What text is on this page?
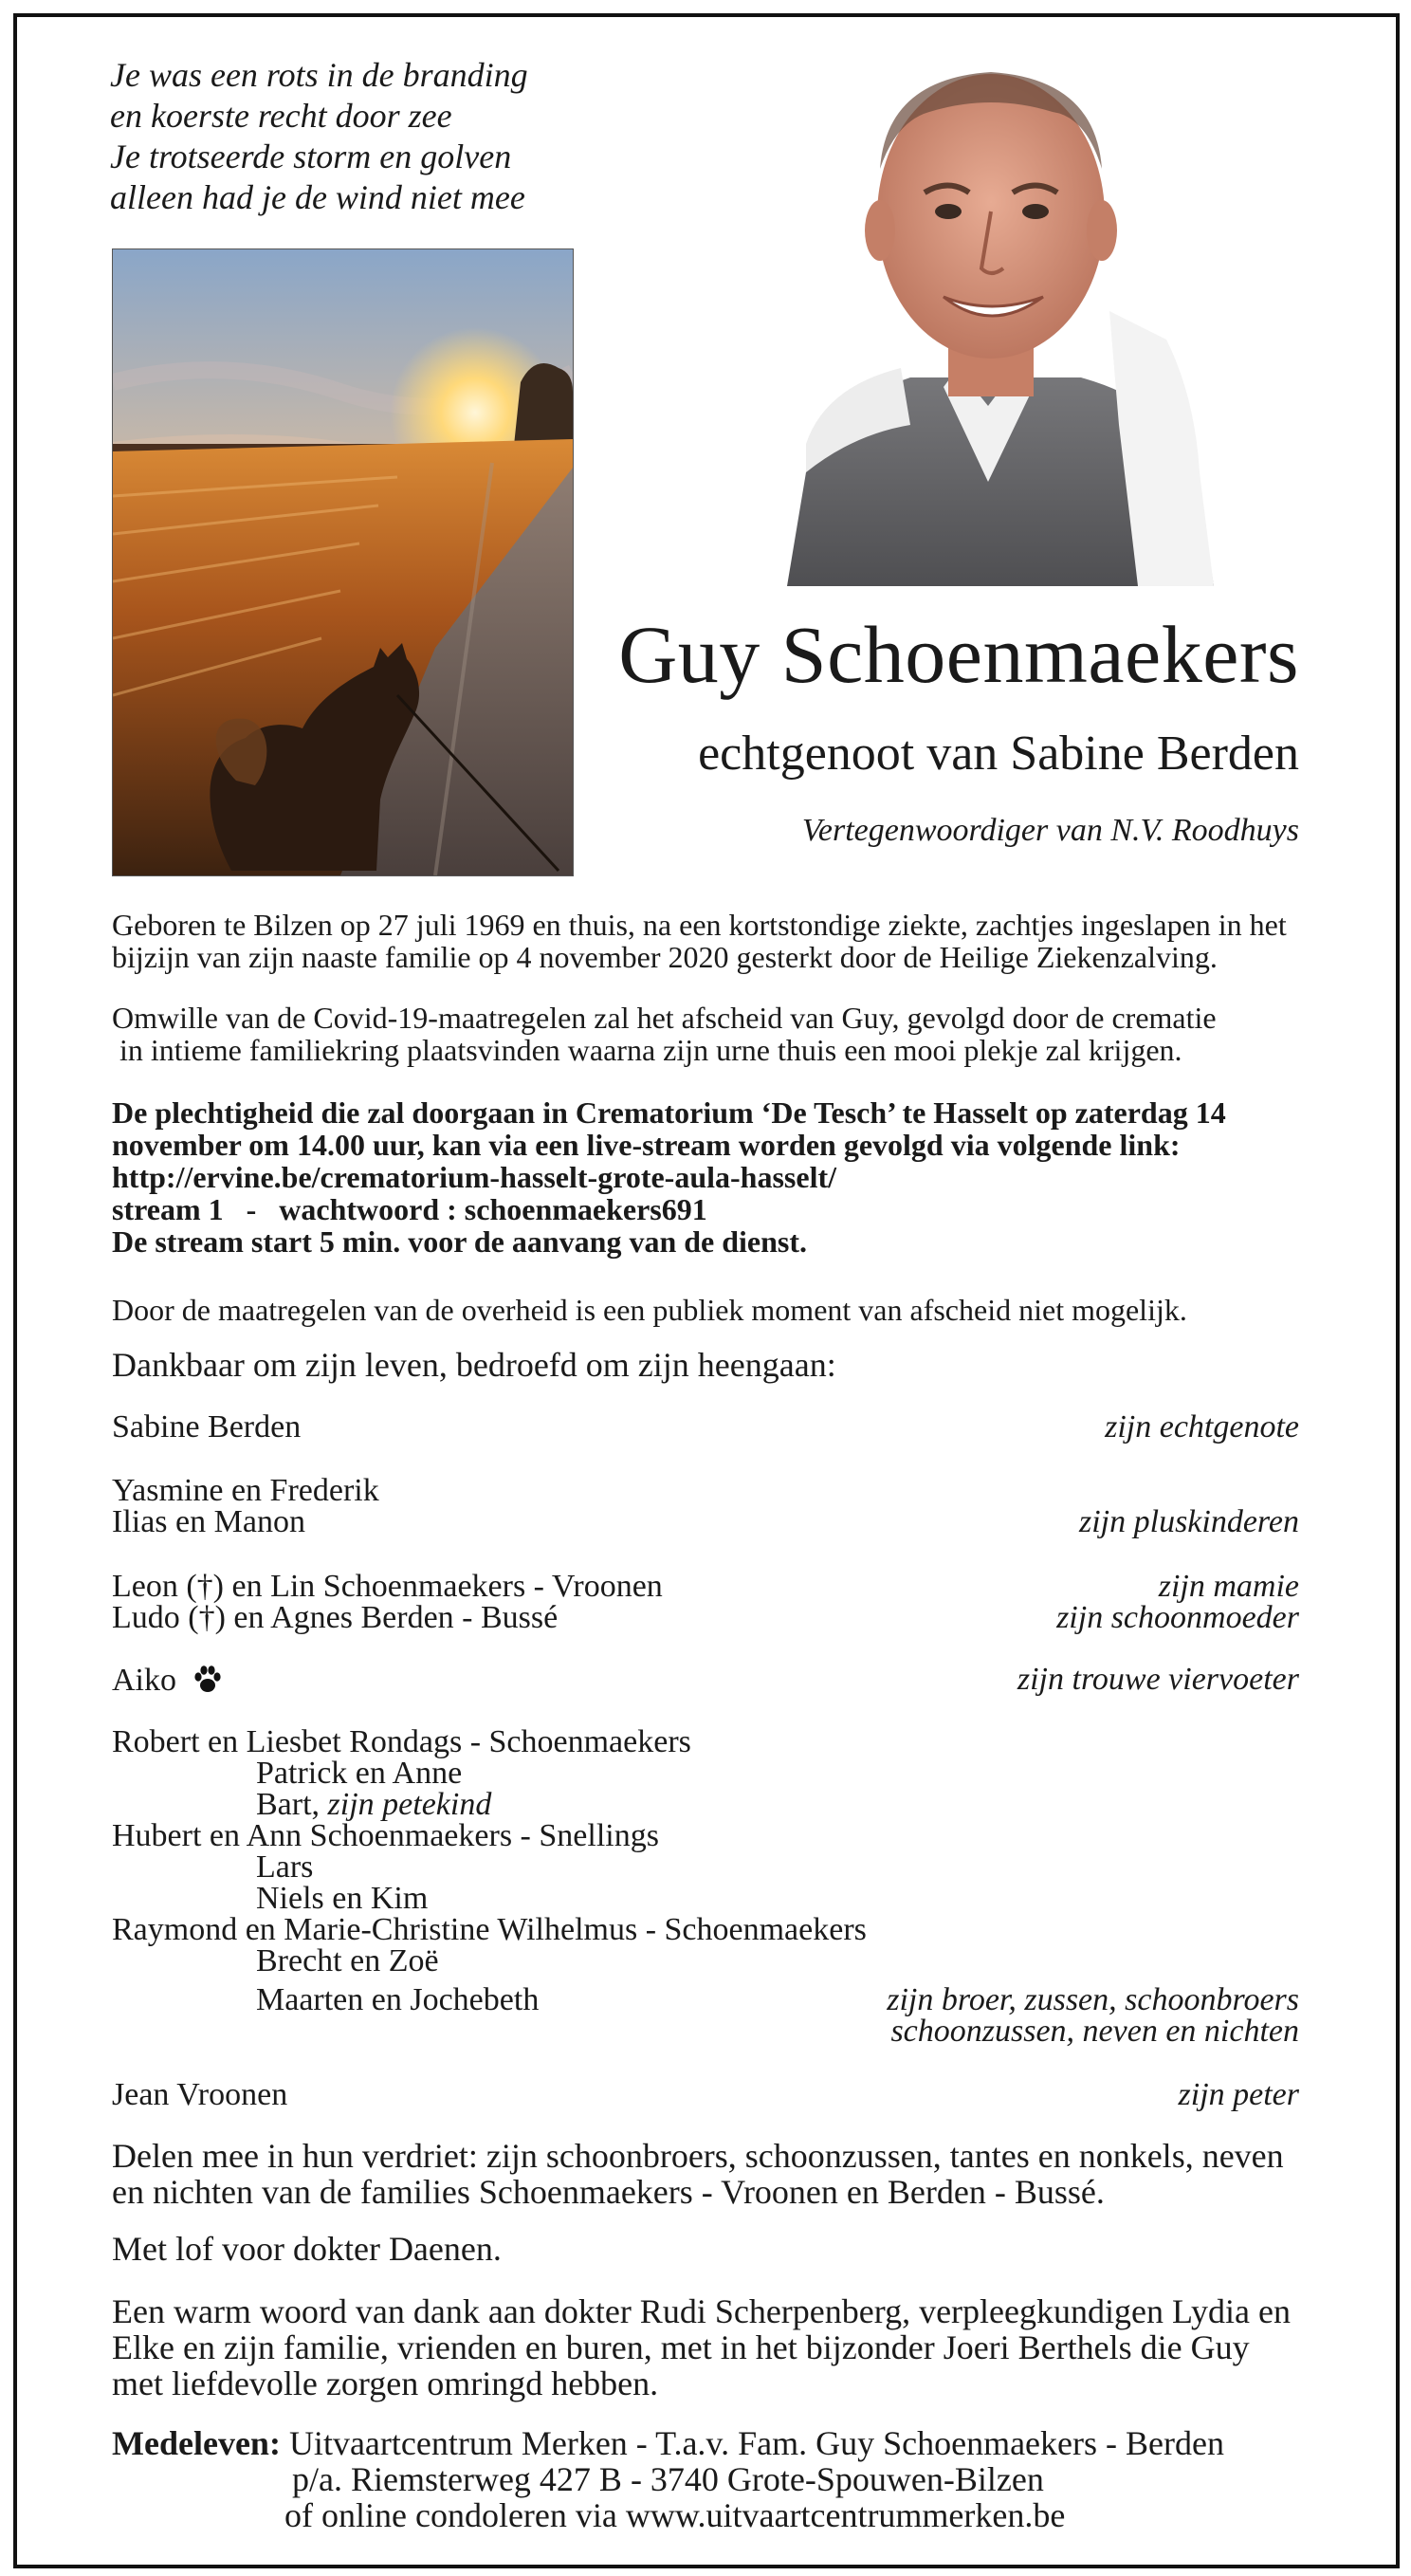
Je was een rots in de branding
en koerste recht door zee
Je trotseerde storm en golven
alleen had je de wind niet mee
Guy Schoenmaekers
echtgenoot van Sabine Berden
Vertegenwoordiger van N.V. Roodhuys
Geboren te Bilzen op 27 juli 1969 en thuis, na een kortstondige ziekte, zachtjes ingeslapen in het bijzijn van zijn naaste familie op 4 november 2020 gesterkt door de Heilige Ziekenzalving.
Omwille van de Covid-19-maatregelen zal het afscheid van Guy, gevolgd door de crematie
in intieme familiekring plaatsvinden waarna zijn urne thuis een mooi plekje zal krijgen.
De plechtigheid die zal doorgaan in Crematorium ‘De Tesch’ te Hasselt op zaterdag 14 november om 14.00 uur, kan via een live-stream worden gevolgd via volgende link:
http://ervine.be/crematorium-hasselt-grote-aula-hasselt/
stream 1   -   wachtwoord : schoenmaekers691
De stream start 5 min. voor de aanvang van de dienst.
Door de maatregelen van de overheid is een publiek moment van afscheid niet mogelijk.
Dankbaar om zijn leven, bedroefd om zijn heengaan:
Sabine Berden	zijn echtgenote
Yasmine en Frederik
Ilias en Manon	zijn pluskinderen
Leon (†) en Lin Schoenmaekers - Vroonen	zijn mamie
Ludo (†) en Agnes Berden - Bussé	zijn schoonmoeder
Aiko	zijn trouwe viervoeter
Robert en Liesbet Rondags - Schoenmaekers
Patrick en Anne
Bart, zijn petekind
Hubert en Ann Schoenmaekers - Snellings
Lars
Niels en Kim
Raymond en Marie-Christine Wilhelmus - Schoenmaekers
Brecht en Zoë
Maarten en Jochebeth	zijn broer, zussen, schoonbroers
schoonzussen, neven en nichten
Jean Vroonen	zijn peter
Delen mee in hun verdriet: zijn schoonbroers, schoonzussen, tantes en nonkels, neven en nichten van de families Schoenmaekers - Vroonen en Berden - Bussé.
Met lof voor dokter Daenen.
Een warm woord van dank aan dokter Rudi Scherpenberg, verpleegkundigen Lydia en Elke en zijn familie, vrienden en buren, met in het bijzonder Joeri Berthels die Guy met liefdevolle zorgen omringd hebben.
Medeleven: Uitvaartcentrum Merken - T.a.v. Fam. Guy Schoenmaekers - Berden
p/a. Riemsterweg 427 B - 3740 Grote-Spouwen-Bilzen
of online condoleren via www.uitvaartcentrummerken.be
